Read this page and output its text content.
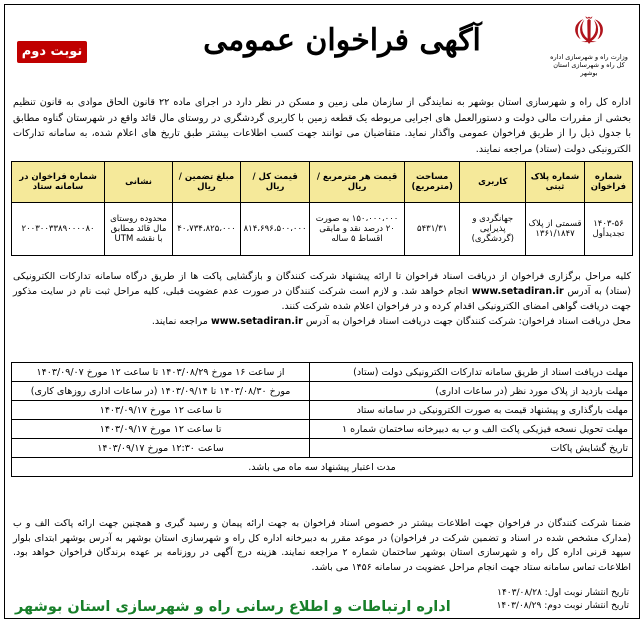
☫
وزارت راه و شهرسازی اداره کل راه و شهرسازی استان بوشهر
آگهی فراخوان عمومی
نوبت دوم
اداره کل راه و شهرسازی استان بوشهر به نمایندگی از سازمان ملی زمین و مسکن در نظر دارد در اجرای ماده ۲۲ قانون الحاق موادی به قانون تنظیم بخشی از مقررات مالی دولت و دستورالعمل های اجرایی مربوطه یک قطعه زمین با کاربری گردشگری در روستای مال قائد واقع در شهرستان گناوه مطابق با جدول ذیل را از طریق فراخوان عمومی واگذار نماید. متقاضیان می توانند جهت کسب اطلاعات بیشتر طبق تاریخ های اعلام شده، به سامانه تدارکات الکترونیکی دولت (ستاد) مراجعه نمایند.
شماره فراخوان	شماره پلاک ثبتی	کاربری	مساحت (مترمربع)	قیمت هر مترمربع / ریال	قیمت کل / ریال	مبلغ تضمین / ریال	نشانی	شماره فراخوان در سامانه ستاد
۱۴۰۳-۵۶ تجدیدأول	قسمتی از پلاک ۱۳۶۱/۱۸۴۷	جهانگردی و پذیرایی (گردشگری)	۵۴۳۱/۳۱	۱۵۰،۰۰۰،۰۰۰ به صورت ۲۰ درصد نقد و مابقی اقساط ۵ ساله	۸۱۴،۶۹۶،۵۰۰،۰۰۰	۴۰،۷۳۴،۸۲۵،۰۰۰	محدوده روستای مال قائد مطابق با نقشه UTM	۲۰۰۳۰۰۳۳۸۹۰۰۰۰۸۰
کلیه مراحل برگزاری فراخوان از دریافت اسناد فراخوان تا ارائه پیشنهاد شرکت کنندگان و بازگشایی پاکت ها از طریق درگاه سامانه تدارکات الکترونیکی (ستاد) به آدرس www.setadiran.ir انجام خواهد شد. و لازم است شرکت کنندگان در صورت عدم عضویت قبلی، کلیه مراحل ثبت نام در سایت مذکور جهت دریافت گواهی امضای الکترونیکی اقدام کرده و در فراخوان اعلام شده شرکت کنند.
محل دریافت اسناد فراخوان: شرکت کنندگان جهت دریافت اسناد فراخوان به آدرس www.setadiran.ir مراجعه نمایند.
مهلت دریافت اسناد از طریق سامانه تدارکات الکترونیکی دولت (ستاد)	از ساعت ۱۶ مورخ ۱۴۰۳/۰۸/۲۹ تا ساعت ۱۲ مورخ ۱۴۰۳/۰۹/۰۷
مهلت بازدید از پلاک مورد نظر (در ساعات اداری)	مورخ ۱۴۰۳/۰۸/۳۰ تا ۱۴۰۳/۰۹/۱۴ (در ساعات اداری روزهای کاری)
مهلت بارگذاری و پیشنهاد قیمت به صورت الکترونیکی در سامانه ستاد	تا ساعت ۱۲ مورخ ۱۴۰۳/۰۹/۱۷
مهلت تحویل نسخه فیزیکی پاکت الف و ب به دبیرخانه ساختمان شماره ۱	تا ساعت ۱۲ مورخ ۱۴۰۳/۰۹/۱۷
تاریخ گشایش پاکات	ساعت ۱۲:۳۰ مورخ ۱۴۰۳/۰۹/۱۷
مدت اعتبار پیشنهاد سه ماه می باشد.	
ضمنا شرکت کنندگان در فراخوان جهت اطلاعات بیشتر در خصوص اسناد فراخوان به جهت ارائه پیمان و رسید گیری و همچنین جهت ارائه پاکت الف و ب (مدارک مشخص شده در اسناد و تضمین شرکت در فراخوان) در موعد مقرر به دبیرخانه اداره کل راه و شهرسازی استان بوشهر به آدرس بوشهر ابتدای بلوار سپهد قرنی اداره کل راه و شهرسازی استان بوشهر ساختمان شماره ۲ مراجعه نمایند. هزینه درج آگهی در روزنامه بر عهده برندگان فراخوان خواهد بود. اطلاعات تماس سامانه ستاد جهت انجام مراحل عضویت در سامانه ۱۴۵۶ می باشد.
تاریخ انتشار نوبت اول: ۱۴۰۳/۰۸/۲۸
تاریخ انتشار نوبت دوم: ۱۴۰۳/۰۸/۲۹
اداره ارتباطات و اطلاع رسانی راه و شهرسازی استان بوشهر
